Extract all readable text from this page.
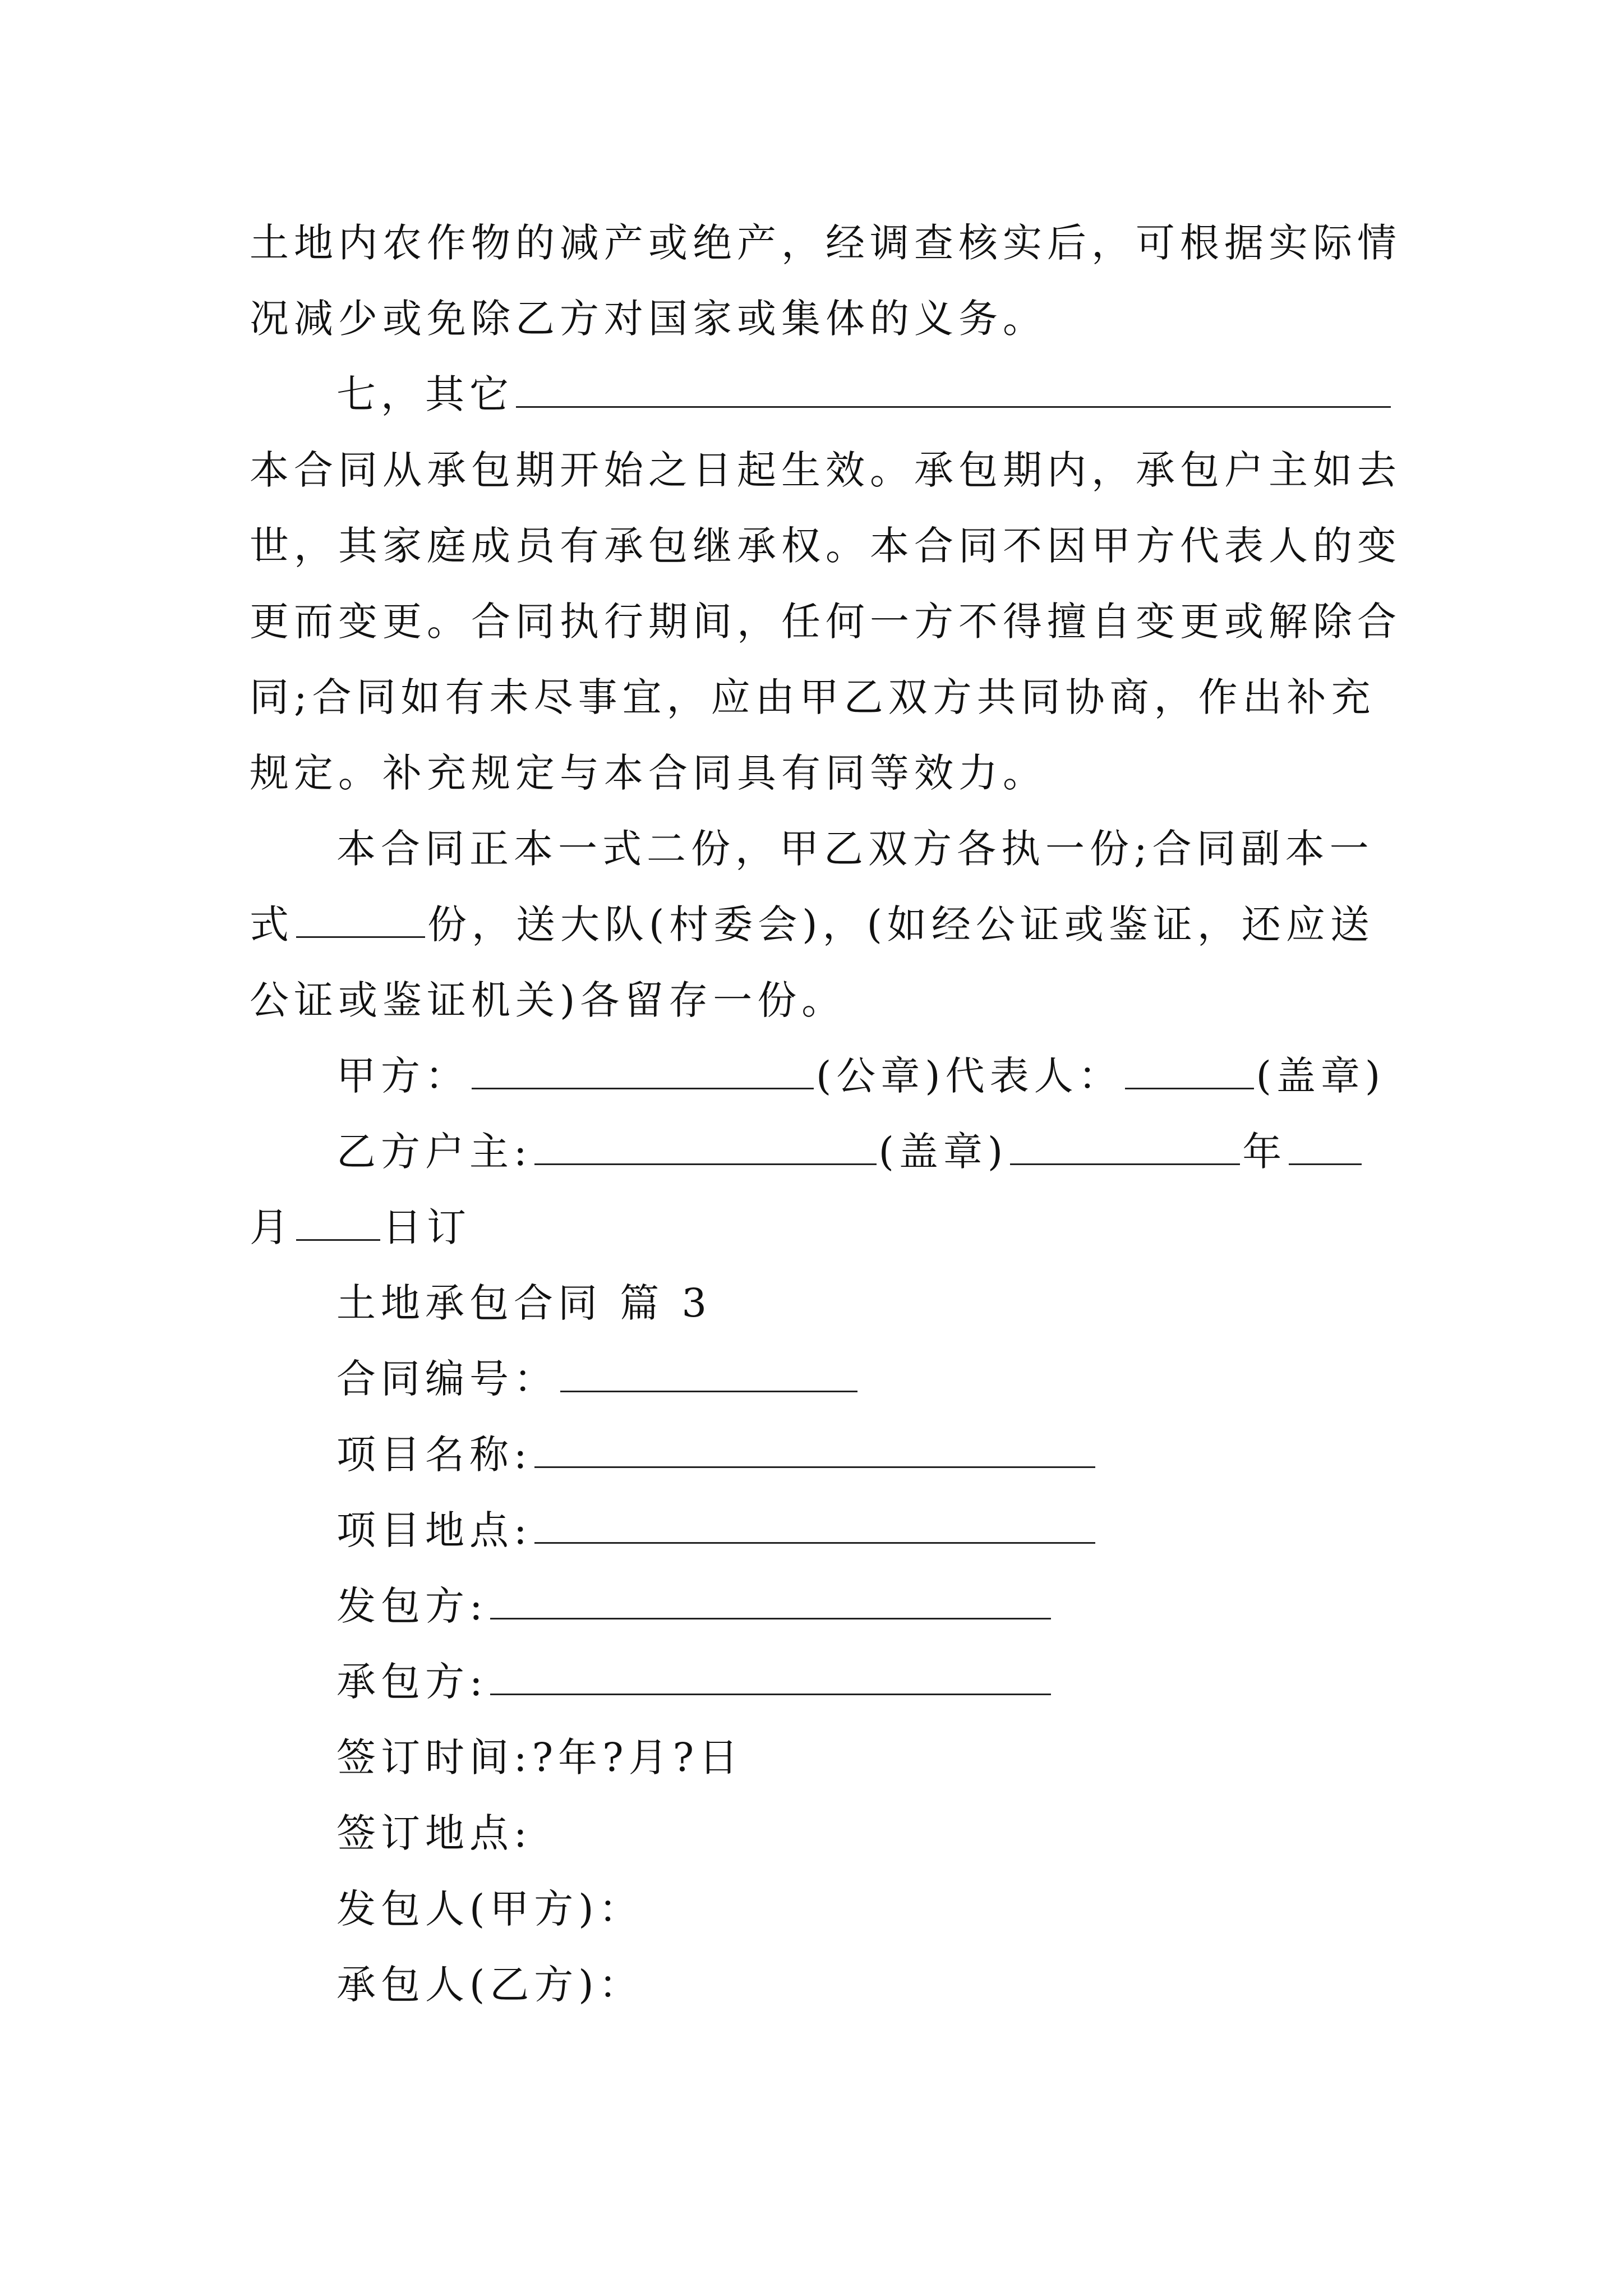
土地内农作物的减产或绝产，经调查核实后，可根据实际情
况减少或免除乙方对国家或集体的义务。
七，其它
本合同从承包期开始之日起生效。承包期内，承包户主如去
世，其家庭成员有承包继承权。本合同不因甲方代表人的变
更而变更。合同执行期间，任何一方不得擅自变更或解除合
同;合同如有未尽事宜，应由甲乙双方共同协商，作出补充
规定。补充规定与本合同具有同等效力。
本合同正本一式二份，甲乙双方各执一份;合同副本一
式	份，送大队(村委会)，(如经公证或鉴证，还应送
公证或鉴证机关)各留存一份。
甲方：	(公章)代表人：	(盖章)
乙方户主:	(盖章)	年
月 日订
土地承包合同 篇 3
合同编号：
项目名称:
项目地点:
发包方:
承包方:
签订时间:?年?月?日
签订地点:
发包人(甲方)：
承包人(乙方)：
